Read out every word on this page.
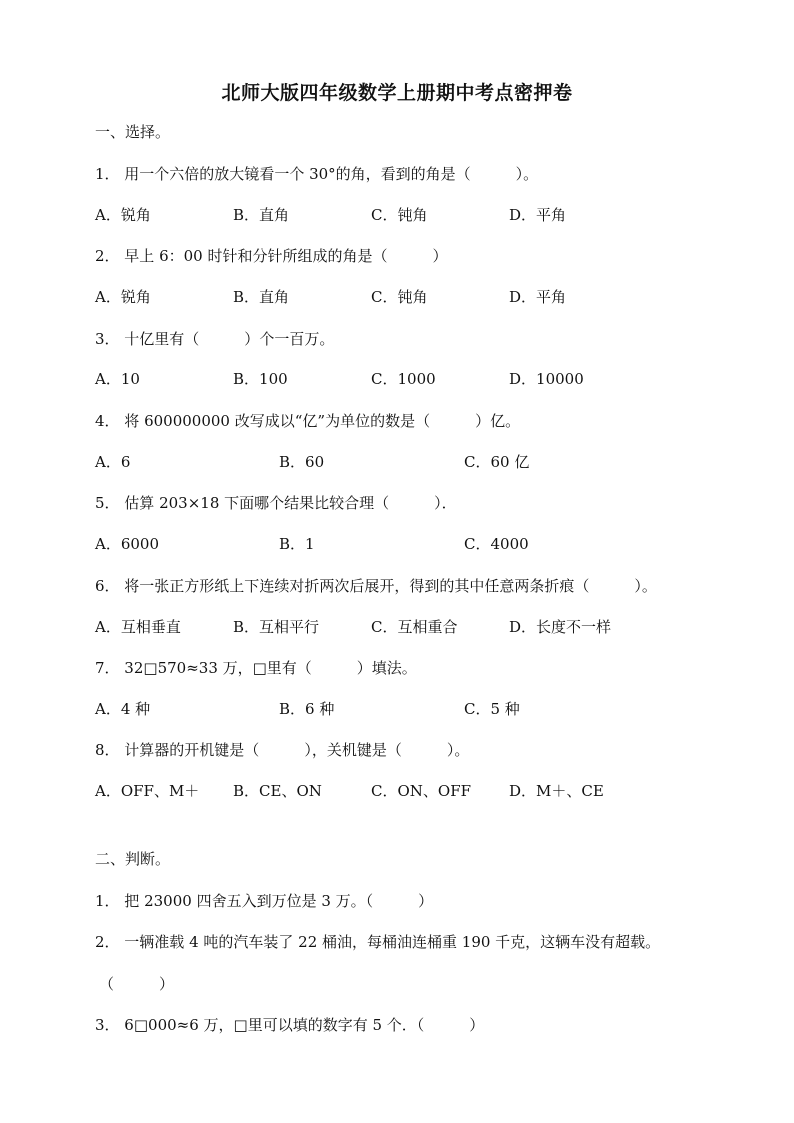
北师大版四年级数学上册期中考点密押卷
一、选择。
1． 用一个六倍的放大镜看一个 30°的角，看到的角是（　　　）。
A．锐角	B．直角	C．钝角	D．平角
2． 早上 6：00 时针和分针所组成的角是（　　　）
A．锐角	B．直角	C．钝角	D．平角
3． 十亿里有（　　　）个一百万。
A．10	B．100	C．1000	D．10000
4． 将 600000000 改写成以“亿”为单位的数是（　　　）亿。
A．6	B．60	C．60 亿
5． 估算 203×18 下面哪个结果比较合理（　　　）．
A．6000	B．1	C．4000
6． 将一张正方形纸上下连续对折两次后展开，得到的其中任意两条折痕（　　　）。
A．互相垂直	B．互相平行	C．互相重合	D．长度不一样
7． 32□570≈33 万，□里有（　　　）填法。
A．4 种	B．6 种	C．5 种
8． 计算器的开机键是（　　　），关机键是（　　　）。
A．OFF、M＋ B．CE、ON	C．ON、OFF	D．M＋、CE
二、判断。
1． 把 23000 四舍五入到万位是 3 万。（　　　）
2． 一辆准载 4 吨的汽车装了 22 桶油，每桶油连桶重 190 千克，这辆车没有超载。
（　　　）
3． 6□000≈6 万，□里可以填的数字有 5 个．（　　　）
